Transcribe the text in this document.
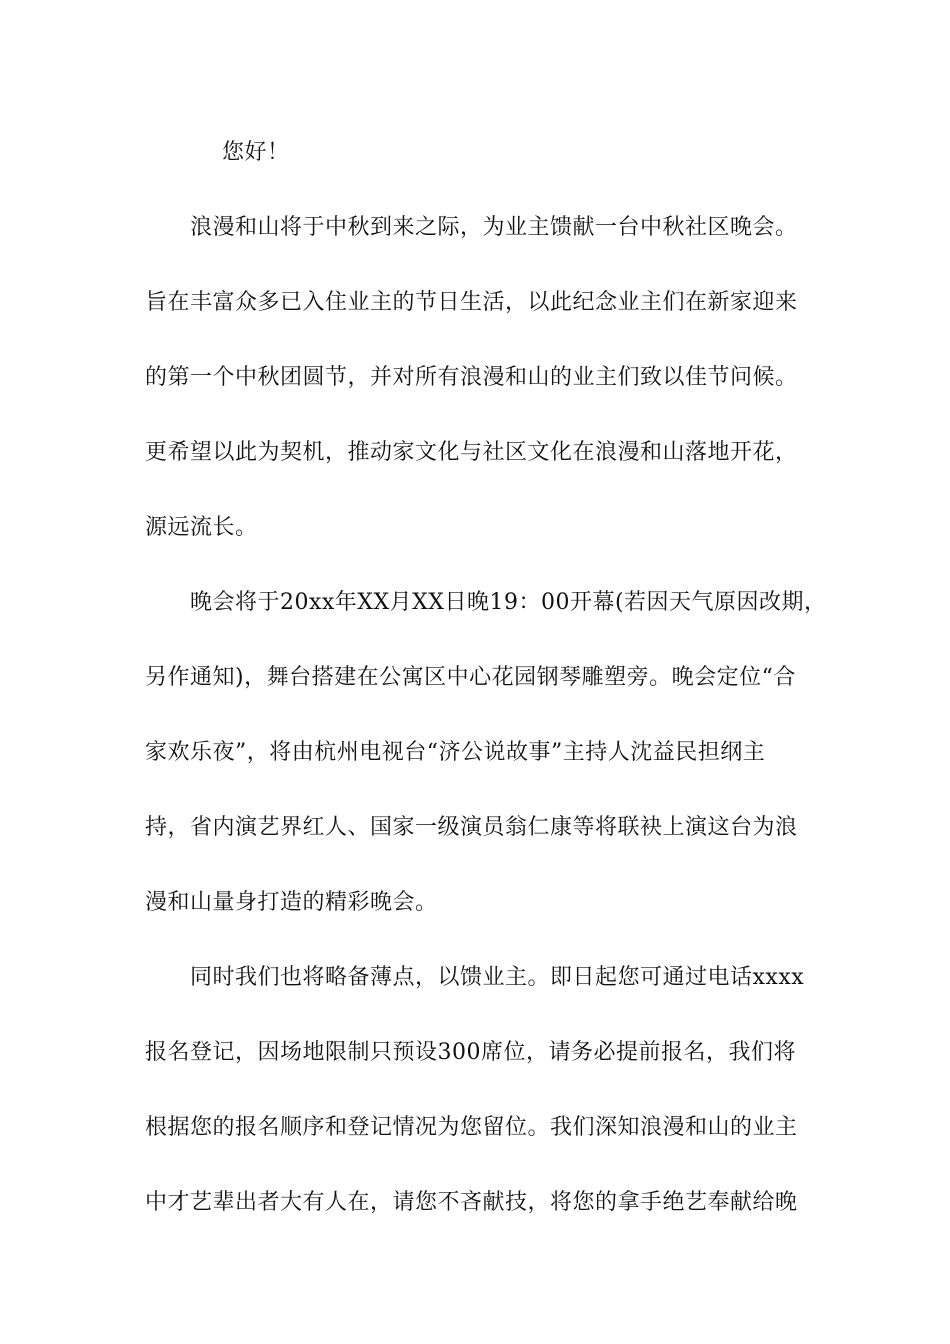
您好！
浪漫和山将于中秋到来之际，为业主馈献一台中秋社区晚会。
旨在丰富众多已入住业主的节日生活，以此纪念业主们在新家迎来
的第一个中秋团圆节，并对所有浪漫和山的业主们致以佳节问候。
更希望以此为契机，推动家文化与社区文化在浪漫和山落地开花，
源远流长。
晚会将于20xx年XX月XX日晚19：00开幕(若因天气原因改期，
另作通知)，舞台搭建在公寓区中心花园钢琴雕塑旁。晚会定位“合
家欢乐夜”，将由杭州电视台“济公说故事”主持人沈益民担纲主
持，省内演艺界红人、国家一级演员翁仁康等将联袂上演这台为浪
漫和山量身打造的精彩晚会。
同时我们也将略备薄点，以馈业主。即日起您可通过电话xxxx
报名登记，因场地限制只预设300席位，请务必提前报名，我们将
根据您的报名顺序和登记情况为您留位。我们深知浪漫和山的业主
中才艺辈出者大有人在，请您不吝献技，将您的拿手绝艺奉献给晚
